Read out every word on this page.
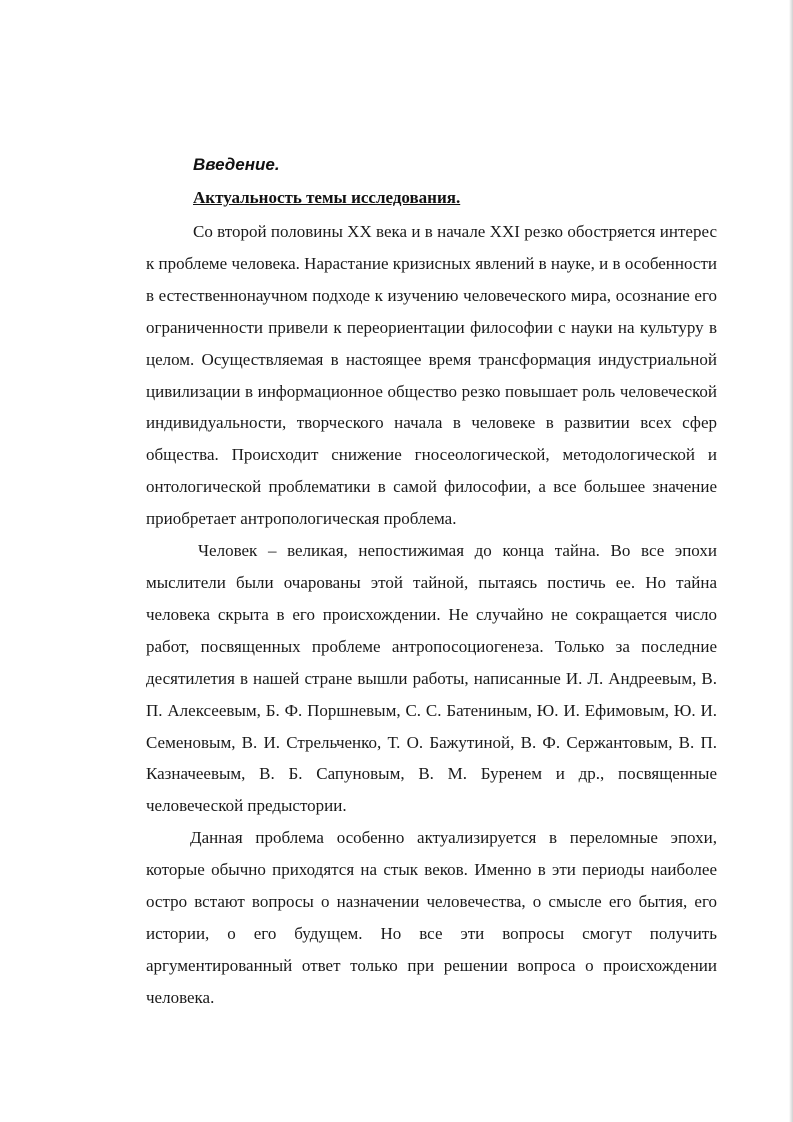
Введение.
Актуальность темы исследования.

Со второй половины XX века и в начале XXI резко обостряется интерес к проблеме человека. Нарастание кризисных явлений в науке, и в особенности в естественнонаучном подходе к изучению человеческого мира, осознание его ограниченности привели к переориентации философии с науки на культуру в целом. Осуществляемая в настоящее время трансформация индустриальной цивилизации в информационное общество резко повышает роль человеческой индивидуальности, творческого начала в человеке в развитии всех сфер общества. Происходит снижение гносеологической, методологической и онтологической проблематики в самой философии, а все большее значение приобретает антропологическая проблема.

Человек – великая, непостижимая до конца тайна. Во все эпохи мыслители были очарованы этой тайной, пытаясь постичь ее. Но тайна человека скрыта в его происхождении. Не случайно не сокращается число работ, посвященных проблеме антропосоциогенеза. Только за последние десятилетия в нашей стране вышли работы, написанные И. Л. Андреевым, В. П. Алексеевым, Б. Ф. Поршневым, С. С. Батениным, Ю. И. Ефимовым, Ю. И. Семеновым, В. И. Стрельченко, Т. О. Бажутиной, В. Ф. Сержантовым, В. П. Казначеевым, В. Б. Сапуновым, В. М. Буренем и др., посвященные человеческой предыстории.

Данная проблема особенно актуализируется в переломные эпохи, которые обычно приходятся на стык веков. Именно в эти периоды наиболее остро встают вопросы о назначении человечества, о смысле его бытия, его истории, о его будущем. Но все эти вопросы смогут получить аргументированный ответ только при решении вопроса о происхождении человека.
